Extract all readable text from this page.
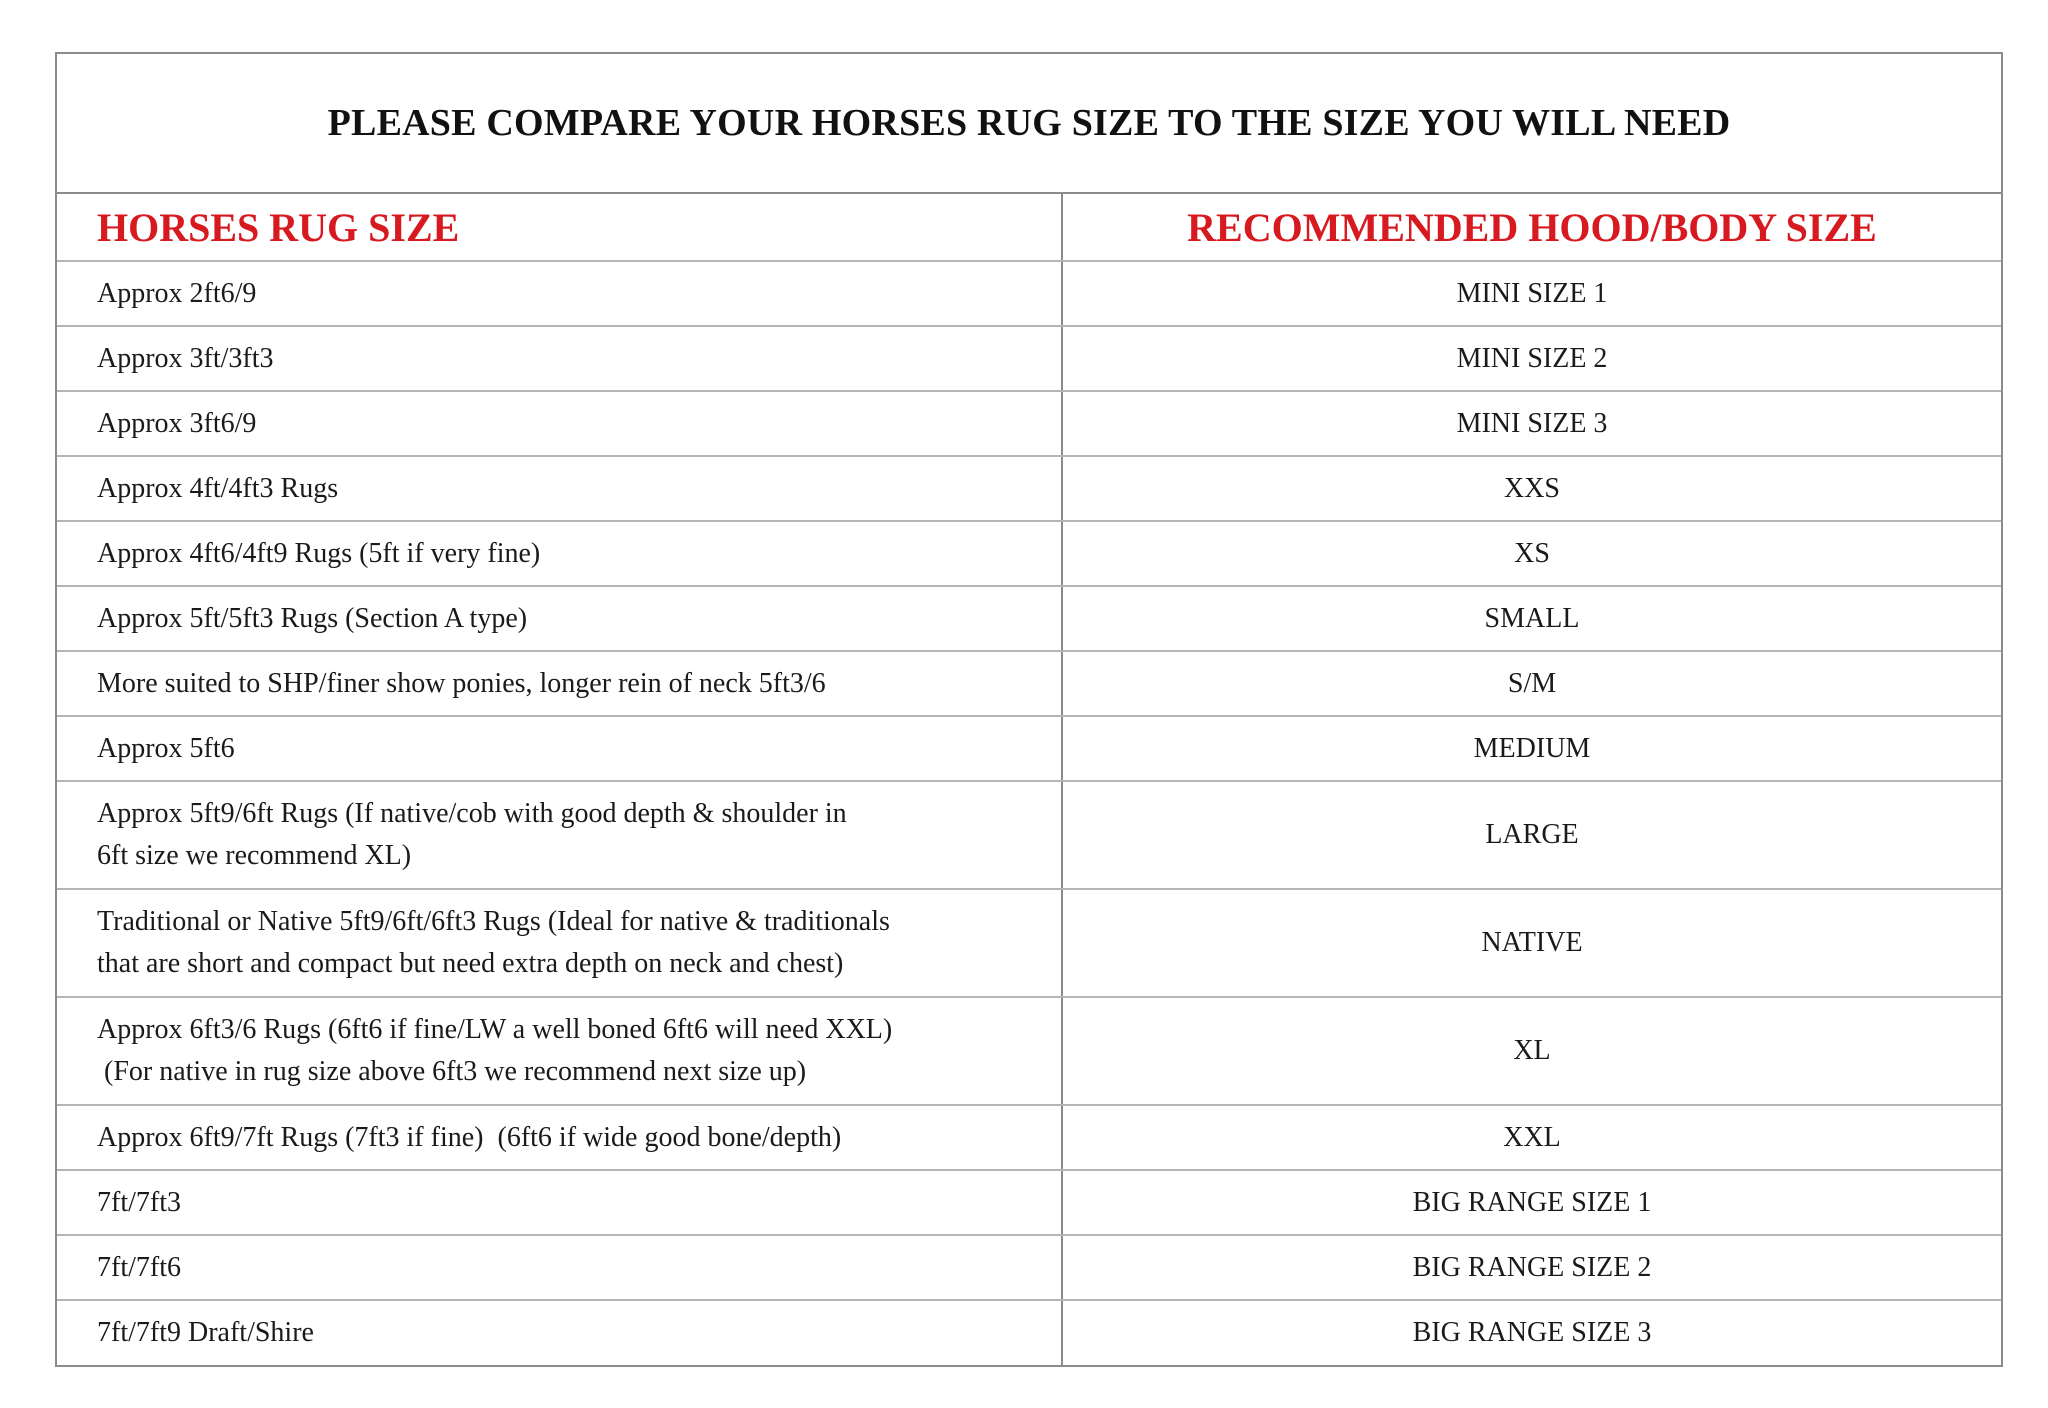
PLEASE COMPARE YOUR HORSES RUG SIZE TO THE SIZE YOU WILL NEED
HORSES RUG SIZE	RECOMMENDED HOOD/BODY SIZE

Approx 2ft6/9	MINI SIZE 1

Approx 3ft/3ft3	MINI SIZE 2

Approx 3ft6/9	MINI SIZE 3

Approx 4ft/4ft3 Rugs	XXS

Approx 4ft6/4ft9 Rugs (5ft if very fine)	XS

Approx 5ft/5ft3 Rugs (Section A type)	SMALL

More suited to SHP/finer show ponies, longer rein of neck 5ft3/6	S/M

Approx 5ft6	MEDIUM

Approx 5ft9/6ft Rugs (If native/cob with good depth & shoulder in
6ft size we recommend XL)	LARGE

Traditional or Native 5ft9/6ft/6ft3 Rugs (Ideal for native & traditionals
that are short and compact but need extra depth on neck and chest)	NATIVE

Approx 6ft3/6 Rugs (6ft6 if fine/LW a well boned 6ft6 will need XXL)
(For native in rug size above 6ft3 we recommend next size up)	XL

Approx 6ft9/7ft Rugs (7ft3 if fine)  (6ft6 if wide good bone/depth)	XXL

7ft/7ft3	BIG RANGE SIZE 1

7ft/7ft6	BIG RANGE SIZE 2

7ft/7ft9 Draft/Shire	BIG RANGE SIZE 3
